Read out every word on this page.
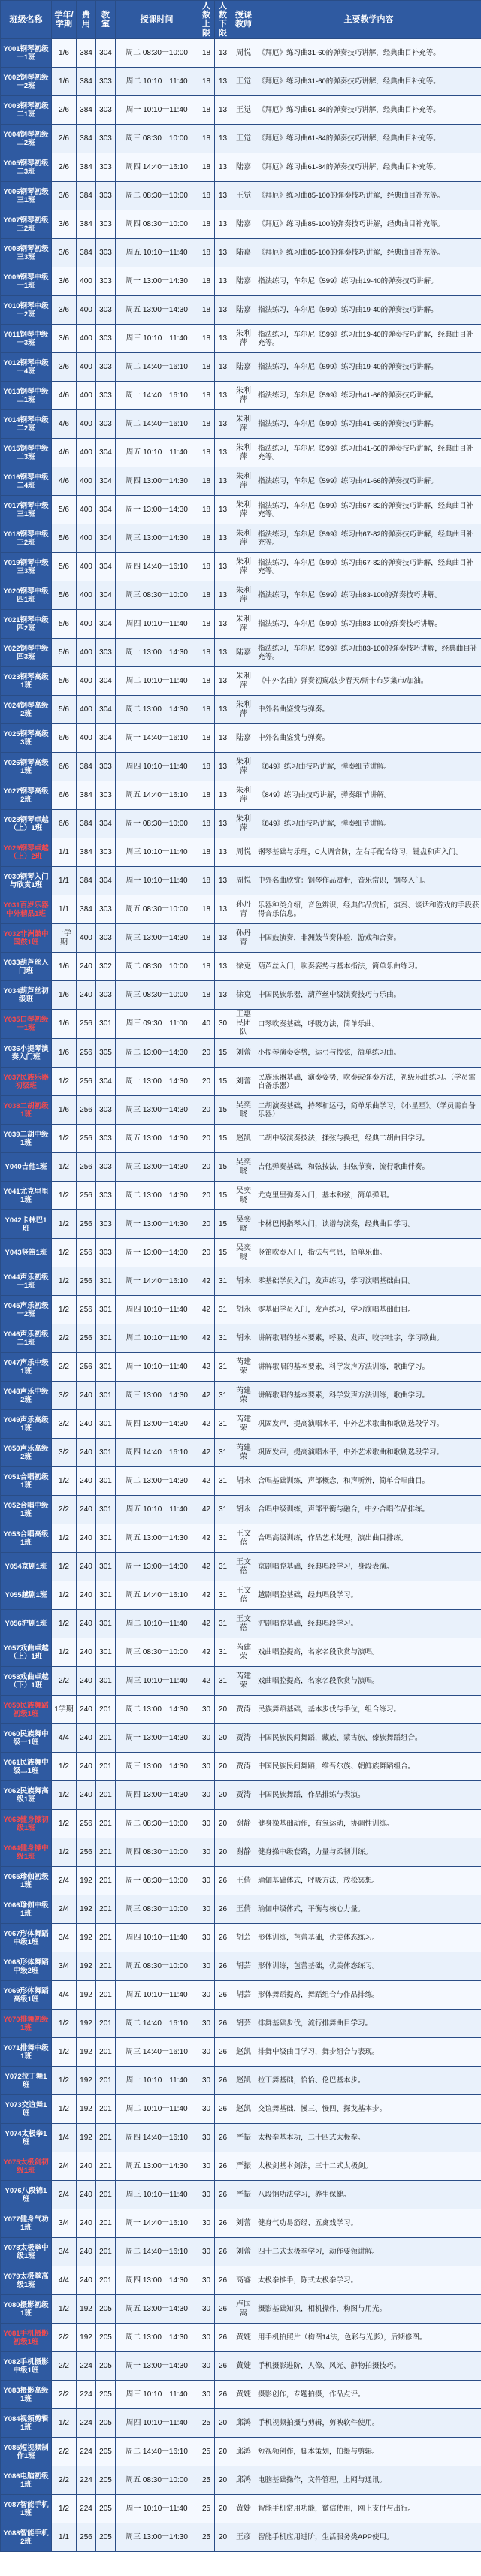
班级名称	学年/学期	费用	教室	授课时间	人数上限	人数下限	授课教师	主要教学内容
Y001钢琴初级一1班	1/6	384	304	周二 08:30一10:00	18	13	周悦	《拜厄》练习曲31-60的弹奏技巧讲解，经典曲目补充等。
Y002钢琴初级一2班	1/6	384	303	周二 10:10一11:40	18	13	王觉	《拜厄》练习曲31-60的弹奏技巧讲解，经典曲目补充等。
Y003钢琴初级二1班	2/6	384	303	周一 10:10一11:40	18	13	王觉	《拜厄》练习曲61-84的弹奏技巧讲解，经典曲目补充等。
Y004钢琴初级二2班	2/6	384	303	周三 08:30一10:00	18	13	王觉	《拜厄》练习曲61-84的弹奏技巧讲解，经典曲目补充等。
Y005钢琴初级二3班	2/6	384	303	周四 14:40一16:10	18	13	陆嘉	《拜厄》练习曲61-84的弹奏技巧讲解，经典曲目补充等。
Y006钢琴初级三1班	3/6	384	303	周二 08:30一10:00	18	13	王觉	《拜厄》练习曲85-100的弹奏技巧讲解，经典曲目补充等。
Y007钢琴初级三2班	3/6	384	303	周四 08:30一10:00	18	13	陆嘉	《拜厄》练习曲85-100的弹奏技巧讲解，经典曲目补充等。
Y008钢琴初级三3班	3/6	384	303	周五 10:10一11:40	18	13	陆嘉	《拜厄》练习曲85-100的弹奏技巧讲解，经典曲目补充等。
Y009钢琴中级一1班	3/6	400	303	周一 13:00一14:30	18	13	陆嘉	指法练习，车尔尼《599》练习曲19-40的弹奏技巧讲解。
Y010钢琴中级一2班	3/6	400	303	周五 13:00一14:30	18	13	陆嘉	指法练习，车尔尼《599》练习曲19-40的弹奏技巧讲解。
Y011钢琴中级一3班	3/6	400	303	周三 10:10一11:40	18	13	朱利萍	指法练习，车尔尼《599》练习曲19-40的弹奏技巧讲解，经典曲目补充等。
Y012钢琴中级一4班	3/6	400	303	周二 14:40一16:10	18	13	陆嘉	指法练习，车尔尼《599》练习曲19-40的弹奏技巧讲解。
Y013钢琴中级二1班	4/6	400	303	周一 14:40一16:10	18	13	朱利萍	指法练习，车尔尼《599》练习曲41-66的弹奏技巧讲解。
Y014钢琴中级二2班	4/6	400	303	周二 14:40一16:10	18	13	朱利萍	指法练习，车尔尼《599》练习曲41-66的弹奏技巧讲解。
Y015钢琴中级二3班	4/6	400	304	周五 10:10一11:40	18	13	朱利萍	指法练习，车尔尼《599》练习曲41-66的弹奏技巧讲解，经典曲目补充等。
Y016钢琴中级二4班	4/6	400	304	周四 13:00一14:30	18	13	朱利萍	指法练习，车尔尼《599》练习曲41-66的弹奏技巧讲解。
Y017钢琴中级三1班	5/6	400	304	周一 13:00一14:30	18	13	朱利萍	指法练习，车尔尼《599》练习曲67-82的弹奏技巧讲解，经典曲目补充等。
Y018钢琴中级三2班	5/6	400	304	周三 13:00一14:30	18	13	朱利萍	指法练习，车尔尼《599》练习曲67-82的弹奏技巧讲解，经典曲目补充等。
Y019钢琴中级三3班	5/6	400	304	周四 14:40一16:10	18	13	朱利萍	指法练习，车尔尼《599》练习曲67-82的弹奏技巧讲解，经典曲目补充等。
Y020钢琴中级四1班	5/6	400	304	周三 08:30一10:00	18	13	朱利萍	指法练习，车尔尼《599》练习曲83-100的弹奏技巧讲解。
Y021钢琴中级四2班	5/6	400	304	周四 10:10一11:40	18	13	朱利萍	指法练习，车尔尼《599》练习曲83-100的弹奏技巧讲解。
Y022钢琴中级四3班	5/6	400	303	周一 13:00一14:30	18	13	陆嘉	指法练习，车尔尼《599》练习曲83-100的弹奏技巧讲解，经典曲目补充等。
Y023钢琴高级1班	5/6	400	304	周二 10:10一11:40	18	13	朱利萍	《中外名曲》弹奏初窥/波少春天/斯卡布罗集市/加油。
Y024钢琴高级2班	5/6	400	304	周二 13:00一14:30	18	13	朱利萍	中外名曲鉴赏与弹奏。
Y025钢琴高级3班	6/6	400	304	周一 14:40一16:10	18	13	陆嘉	中外名曲鉴赏与弹奏。
Y026钢琴高级1班	6/6	384	303	周四 10:10一11:40	18	13	朱利萍	《849》练习曲技巧讲解，弹奏细节讲解。
Y027钢琴高级2班	6/6	384	303	周五 14:40一16:10	18	13	朱利萍	《849》练习曲技巧讲解，弹奏细节讲解。
Y028钢琴卓越（上）1班	6/6	384	304	周一 08:30一10:00	18	13	朱利萍	《849》练习曲技巧讲解，弹奏细节讲解。
Y029钢琴卓越（上）2班	1/1	384	303	周三 10:10一11:40	18	13	周悦	钢琴基础与乐理，C大调音阶，左右手配合练习，键盘和声入门。
Y030钢琴入门与欣赏1班	1/1	384	304	周一 10:10一11:40	18	13	周悦	中外名曲欣赏：钢琴作品赏析，音乐常识，钢琴入门。
Y031百岁乐器中外精品1班	1/1	384	303	周五 08:30一10:00	18	13	孙丹青	乐器种类介绍，音色辨识，经典作品赏析，演奏、谈话和游戏的手段获得音乐信息。
Y032非洲鼓中国鼓1班	一学期	400	303	周三 13:00一14:30	18	13	孙丹青	中国鼓演奏，非洲鼓节奏体验，游戏和合奏。
Y033葫芦丝入门班	1/6	240	302	周二 08:30一10:00	18	13	徐克	葫芦丝入门，吹奏姿势与基本指法，简单乐曲练习。
Y034葫芦丝初级班	1/6	240	303	周三 08:30一10:00	18	13	徐克	中国民族乐器，葫芦丝中级演奏技巧与乐曲。
Y035口琴初级一1班	1/6	256	301	周三 09:30一11:00	40	30	王惠民团队	口琴吹奏基础，呼吸方法，简单乐曲。
Y036小提琴演奏入门班	1/6	256	305	周二 13:00一14:30	20	15	刘蕾	小提琴演奏姿势，运弓与按弦，简单练习曲。
Y037民族乐器初级班	1/2	256	304	周一 13:00一14:30	20	15	刘蕾	民族乐器基础，演奏姿势，吹奏或弹奏方法，初级乐曲练习。（学员需自备乐器）
Y038二胡初级1班	1/6	256	303	周三 13:00一14:30	20	15	吴奕晓	二胡演奏基础，持琴和运弓，简单乐曲学习，《小星星》。（学员需自备乐器）
Y039二胡中级1班	1/2	256	303	周五 13:00一14:30	20	15	赵凯	二胡中级演奏技法，揉弦与换把，经典二胡曲目学习。
Y040吉他1班	1/2	256	303	周三 13:00一14:30	20	15	吴奕晓	吉他弹奏基础，和弦按法，扫弦节奏，流行歌曲伴奏。
Y041尤克里里1班	1/2	256	303	周二 13:00一14:30	20	15	吴奕晓	尤克里里弹奏入门，基本和弦，简单弹唱。
Y042卡林巴1班	1/2	256	303	周一 13:00一14:30	20	15	吴奕晓	卡林巴拇指琴入门，读谱与演奏，经典曲目学习。
Y043竖笛1班	1/2	256	303	周一 13:00一14:30	20	15	吴奕晓	竖笛吹奏入门，指法与气息，简单乐曲。
Y044声乐初级一1班	1/2	256	301	周一 14:40一16:10	42	31	胡永	零基础学员入门，发声练习，学习演唱基础曲目。
Y045声乐初级一2班	1/2	256	301	周四 10:10一11:40	42	31	胡永	零基础学员入门，发声练习，学习演唱基础曲目。
Y046声乐初级二1班	2/2	256	301	周二 10:10一11:40	42	31	胡永	讲解歌唱的基本要素，呼吸、发声、咬字吐字，学习歌曲。
Y047声乐中级1班	2/2	256	301	周一 10:10一11:40	42	31	芮建荣	讲解歌唱的基本要素，科学发声方法训练，歌曲学习。
Y048声乐中级2班	3/2	240	301	周三 13:00一14:30	42	31	芮建荣	讲解歌唱的基本要素，科学发声方法训练，歌曲学习。
Y049声乐高级1班	3/2	240	301	周四 13:00一14:30	42	31	芮建荣	巩固发声，提高演唱水平，中外艺术歌曲和歌剧选段学习。
Y050声乐高级2班	3/2	240	301	周四 14:40一16:10	42	31	芮建荣	巩固发声，提高演唱水平，中外艺术歌曲和歌剧选段学习。
Y051合唱初级1班	1/2	240	301	周二 13:00一14:30	42	31	胡永	合唱基础训练，声部概念，和声听辨，简单合唱曲目。
Y052合唱中级1班	2/2	240	301	周五 10:10一11:40	42	31	胡永	合唱中级训练，声部平衡与融合，中外合唱作品排练。
Y053合唱高级1班	1/2	240	301	周五 13:00一14:30	42	31	王文蓓	合唱高级训练，作品艺术处理，演出曲目排练。
Y054京剧1班	1/2	240	301	周一 13:00一14:30	42	31	王文蓓	京剧唱腔基础，经典唱段学习，身段表演。
Y055越剧1班	1/2	240	301	周五 14:40一16:10	42	31	王文蓓	越剧唱腔基础，经典唱段学习。
Y056沪剧1班	1/2	240	301	周二 10:10一11:40	42	31	王文蓓	沪剧唱腔基础，经典唱段学习。
Y057戏曲卓越（上）1班	1/2	240	301	周三 08:30一10:00	42	31	芮建荣	戏曲唱腔提高，名家名段欣赏与演唱。
Y058戏曲卓越（下）1班	2/2	240	301	周三 10:10一11:40	42	31	芮建荣	戏曲唱腔提高，名家名段欣赏与演唱。
Y059民族舞蹈初级1班	1学期	240	201	周二 13:00一14:30	30	20	贾涛	民族舞蹈基础，基本步伐与手位，组合练习。
Y060民族舞中级一1班	4/4	240	201	周一 13:00一14:30	30	20	贾涛	中国民族民间舞蹈，藏族、蒙古族、傣族舞蹈组合。
Y061民族舞中级二1班	1/2	240	201	周三 13:00一14:30	30	20	贾涛	中国民族民间舞蹈，维吾尔族、朝鲜族舞蹈组合。
Y062民族舞高级1班	1/2	240	201	周四 13:00一14:30	30	20	贾涛	中国民族舞蹈，作品排练与表演。
Y063健身操初级1班	1/2	256	201	周二 08:30一10:00	30	20	谢静	健身操基础动作，有氧运动，协调性训练。
Y064健身操中级1班	1/2	256	201	周四 08:30一10:00	30	20	谢静	健身操中级套路，力量与柔韧训练。
Y065瑜伽初级1班	2/4	192	201	周一 08:30一10:00	30	26	王倩	瑜伽基础体式，呼吸方法，放松冥想。
Y066瑜伽中级1班	2/4	192	201	周三 08:30一10:00	30	26	王倩	瑜伽中级体式，平衡与核心力量。
Y067形体舞蹈中级1班	3/4	192	201	周四 10:10一11:40	30	26	胡芸	形体训练，芭蕾基础，优美体态练习。
Y068形体舞蹈中级2班	3/4	192	201	周五 08:30一10:00	30	26	胡芸	形体训练，芭蕾基础，优美体态练习。
Y069形体舞蹈高级1班	4/4	192	201	周五 10:10一11:40	30	26	胡芸	形体舞蹈提高，舞蹈组合与作品排练。
Y070排舞初级1班	1/2	192	201	周二 14:40一16:10	30	26	胡芸	排舞基础步伐，流行排舞曲目学习。
Y071排舞中级1班	1/2	192	201	周三 14:40一16:10	30	26	赵凯	排舞中级曲目学习，舞步组合与表现。
Y072拉丁舞1班	1/2	192	201	周一 10:10一11:40	30	26	赵凯	拉丁舞基础，恰恰、伦巴基本步。
Y073交谊舞1班	1/2	192	201	周二 10:10一11:40	30	26	赵凯	交谊舞基础，慢三、慢四、探戈基本步。
Y074太极拳1班	1/4	192	201	周四 14:40一16:10	30	26	严振	太极拳基本功，二十四式太极拳。
Y075太极剑初级1班	2/4	240	201	周五 13:00一14:30	30	26	严振	太极剑基本剑法，三十二式太极剑。
Y076八段锦1班	2/4	240	201	周三 10:10一11:40	30	26	严振	八段锦功法学习，养生保健。
Y077健身气功1班	3/4	240	201	周一 14:40一16:10	30	26	刘蕾	健身气功易筋经、五禽戏学习。
Y078太极拳中级1班	3/4	240	201	周二 14:40一16:10	30	26	刘蕾	四十二式太极拳学习，动作要领讲解。
Y079太极拳高级1班	4/4	240	201	周四 13:00一14:30	30	26	高睿	太极拳推手，陈式太极拳学习。
Y080摄影初级1班	1/2	192	205	周五 13:00一14:30	30	26	卢国嵩	摄影基础知识，相机操作，构图与用光。
Y081手机摄影初级1班	2/2	192	205	周二 13:00一14:30	30	26	黄婕	用手机拍照片（构图14法，色彩与光影），后期修图。
Y082手机摄影中级1班	2/2	224	205	周一 13:00一14:30	30	26	黄婕	手机摄影进阶，人像、风光、静物拍摄技巧。
Y083摄影高级1班	2/2	224	205	周三 10:10一11:40	30	26	黄婕	摄影创作，专题拍摄，作品点评。
Y084视频剪辑1班	1/2	224	205	周四 10:10一11:40	25	20	邱鸿	手机视频拍摄与剪辑，剪映软件使用。
Y085短视频制作1班	2/2	224	205	周二 14:40一16:10	25	20	邱鸿	短视频创作，脚本策划，拍摄与剪辑。
Y086电脑初级1班	2/2	224	205	周五 08:30一10:00	25	20	邱鸿	电脑基础操作，文件管理，上网与通讯。
Y087智能手机1班	1/2	224	205	周一 10:10一11:40	25	20	黄婕	智能手机常用功能，微信使用，网上支付与出行。
Y088智能手机2班	1/1	256	205	周三 13:00一14:30	25	20	王彦	智能手机应用进阶，生活服务类APP使用。
